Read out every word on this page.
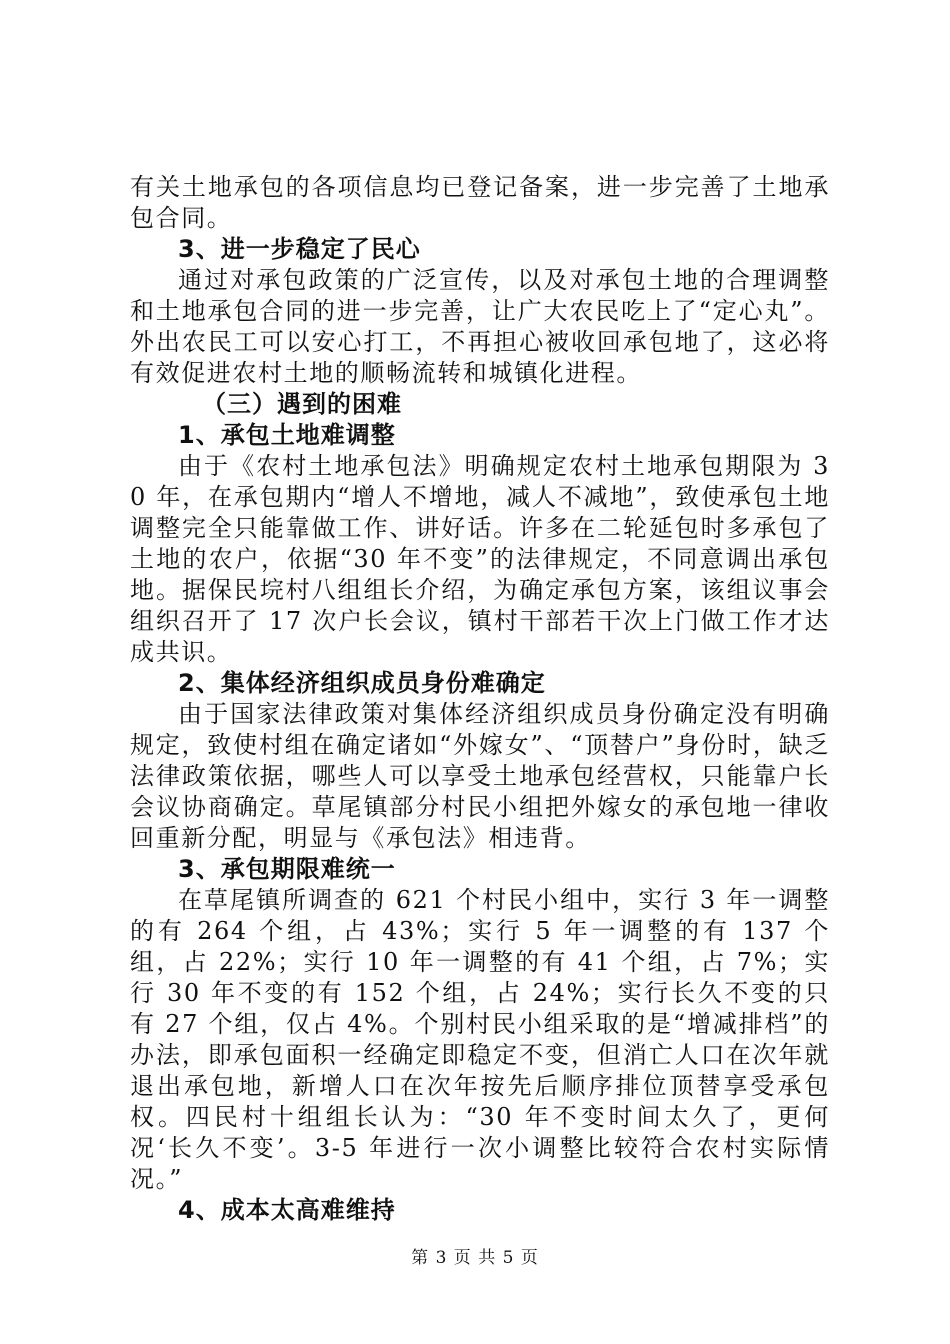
有关土地承包的各项信息均已登记备案，进一步完善了土地承包合同。

3、进一步稳定了民心

通过对承包政策的广泛宣传，以及对承包土地的合理调整和土地承包合同的进一步完善，让广大农民吃上了“定心丸”。外出农民工可以安心打工，不再担心被收回承包地了，这必将有效促进农村土地的顺畅流转和城镇化进程。

（三）遇到的困难
1、承包土地难调整

由于《农村土地承包法》明确规定农村土地承包期限为 30 年，在承包期内“增人不增地，减人不减地”，致使承包土地调整完全只能靠做工作、讲好话。许多在二轮延包时多承包了土地的农户，依据“30 年不变”的法律规定，不同意调出承包地。据保民垸村八组组长介绍，为确定承包方案，该组议事会组织召开了 17 次户长会议，镇村干部若干次上门做工作才达成共识。

2、集体经济组织成员身份难确定

由于国家法律政策对集体经济组织成员身份确定没有明确规定，致使村组在确定诸如“外嫁女”、“顶替户”身份时，缺乏法律政策依据，哪些人可以享受土地承包经营权，只能靠户长会议协商确定。草尾镇部分村民小组把外嫁女的承包地一律收回重新分配，明显与《承包法》相违背。

3、承包期限难统一

在草尾镇所调查的 621 个村民小组中，实行 3 年一调整的有 264 个组，占 43%；实行 5 年一调整的有 137 个组，占 22%；实行 10 年一调整的有 41 个组，占 7%；实行 30 年不变的有 152 个组，占 24%；实行长久不变的只有 27 个组，仅占 4%。个别村民小组采取的是“增减排档”的办法，即承包面积一经确定即稳定不变，但消亡人口在次年就退出承包地，新增人口在次年按先后顺序排位顶替享受承包权。四民村十组组长认为：“30 年不变时间太久了，更何况‘长久不变’。3-5 年进行一次小调整比较符合农村实际情况。”

4、成本太高难维持
第 3 页 共 5 页
